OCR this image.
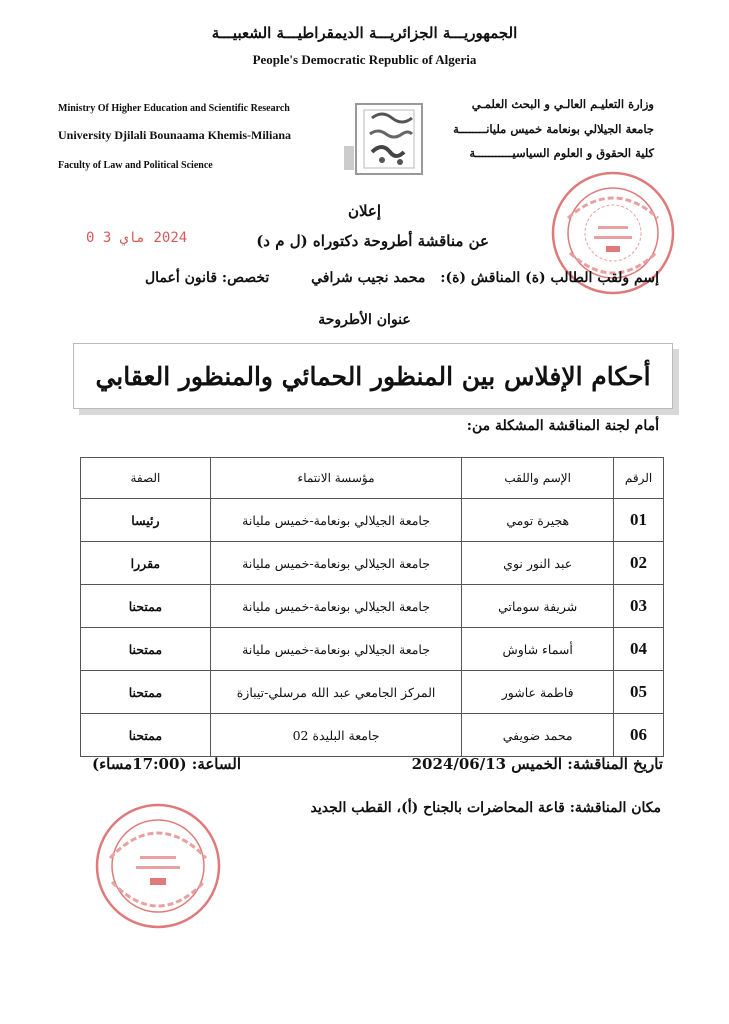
الجمهوريـــة الجزائريـــة الديمقراطيـــة الشعبيـــة
People's Democratic Republic of Algeria
Ministry Of Higher Education and Scientific Research
University Djilali Bounaama Khemis-Miliana
Faculty of Law and Political Science
وزارة التعليـم العالـي و البحث العلمـي
جامعة الجيلالي بونعامة خميس مليانــــــــة
كلية الحقوق و العلوم السياسيـــــــــــة
إعلان
عن مناقشة أطروحة دكتوراه (ل م د)
2024 ماي 3 0
إسم ولقب الطالب (ة) المناقش (ة): محمد نجيب شرافي
تخصص: قانون أعمال
عنوان الأطروحة
أحكام الإفلاس بين المنظور الحمائي والمنظور العقابي
أمام لجنة المناقشة المشكلة من:
الرقم	الإسم واللقب	مؤسسة الانتماء	الصفة
01	هجيرة تومي	جامعة الجيلالي بونعامة-خميس مليانة	رئيسا
02	عبد النور نوي	جامعة الجيلالي بونعامة-خميس مليانة	مقررا
03	شريفة سوماتي	جامعة الجيلالي بونعامة-خميس مليانة	ممتحنا
04	أسماء شاوش	جامعة الجيلالي بونعامة-خميس مليانة	ممتحنا
05	فاطمة عاشور	المركز الجامعي عبد الله مرسلي-تيبازة	ممتحنا
06	محمد ضويفي	جامعة البليدة 02	ممتحنا
تاريخ المناقشة: الخميس 2024/06/13
الساعة: (17:00مساء)
مكان المناقشة: قاعة المحاضرات بالجناح (أ)، القطب الجديد
